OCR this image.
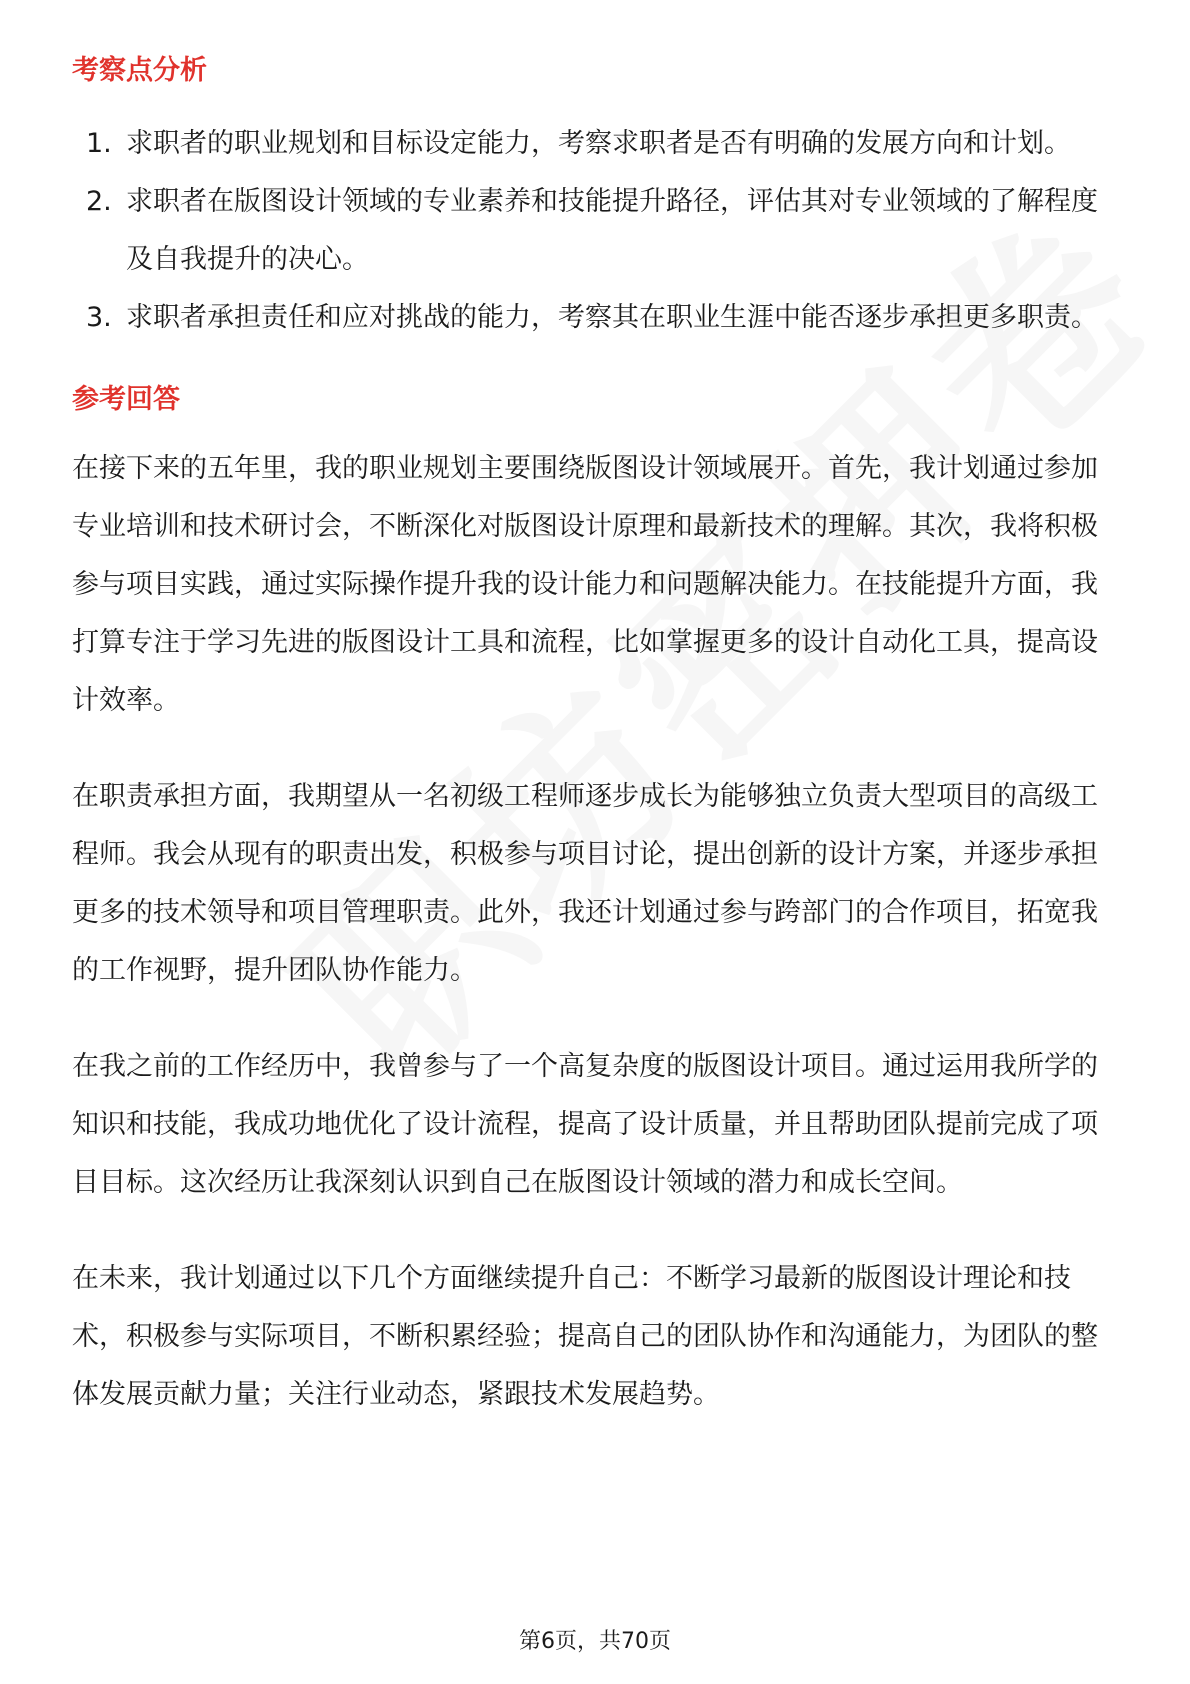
考察点分析
1. 求职者的职业规划和目标设定能力，考察求职者是否有明确的发展方向和计划。
2. 求职者在版图设计领域的专业素养和技能提升路径，评估其对专业领域的了解程度及自我提升的决心。
3. 求职者承担责任和应对挑战的能力，考察其在职业生涯中能否逐步承担更多职责。
参考回答

在接下来的五年里，我的职业规划主要围绕版图设计领域展开。首先，我计划通过参加专业培训和技术研讨会，不断深化对版图设计原理和最新技术的理解。其次，我将积极参与项目实践，通过实际操作提升我的设计能力和问题解决能力。在技能提升方面，我打算专注于学习先进的版图设计工具和流程，比如掌握更多的设计自动化工具，提高设计效率。

在职责承担方面，我期望从一名初级工程师逐步成长为能够独立负责大型项目的高级工程师。我会从现有的职责出发，积极参与项目讨论，提出创新的设计方案，并逐步承担更多的技术领导和项目管理职责。此外，我还计划通过参与跨部门的合作项目，拓宽我的工作视野，提升团队协作能力。

在我之前的工作经历中，我曾参与了一个高复杂度的版图设计项目。通过运用我所学的知识和技能，我成功地优化了设计流程，提高了设计质量，并且帮助团队提前完成了项目目标。这次经历让我深刻认识到自己在版图设计领域的潜力和成长空间。

在未来，我计划通过以下几个方面继续提升自己：不断学习最新的版图设计理论和技术，积极参与实际项目，不断积累经验；提高自己的团队协作和沟通能力，为团队的整体发展贡献力量；关注行业动态，紧跟技术发展趋势。

第6页，共70页
